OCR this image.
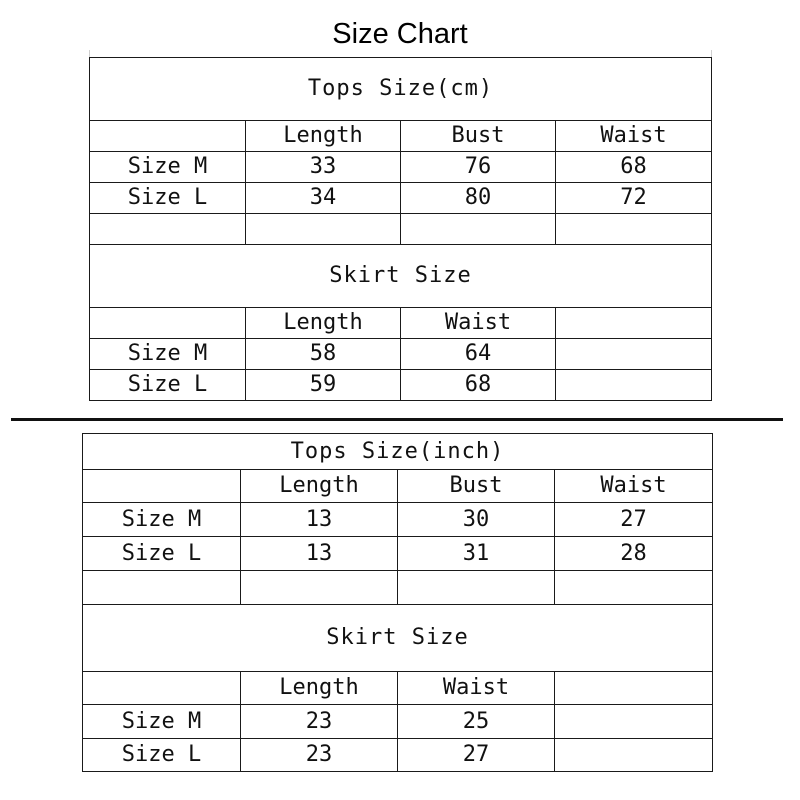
Size Chart
Tops Size(cm)			
	Length	Bust	Waist
Size M	33	76	68
Size L	34	80	72

Skirt Size			
	Length	Waist	
Size M	58	64	
Size L	59	68	
Tops Size(inch)			
	Length	Bust	Waist
Size M	13	30	27
Size L	13	31	28

Skirt Size			
	Length	Waist	
Size M	23	25	
Size L	23	27	
